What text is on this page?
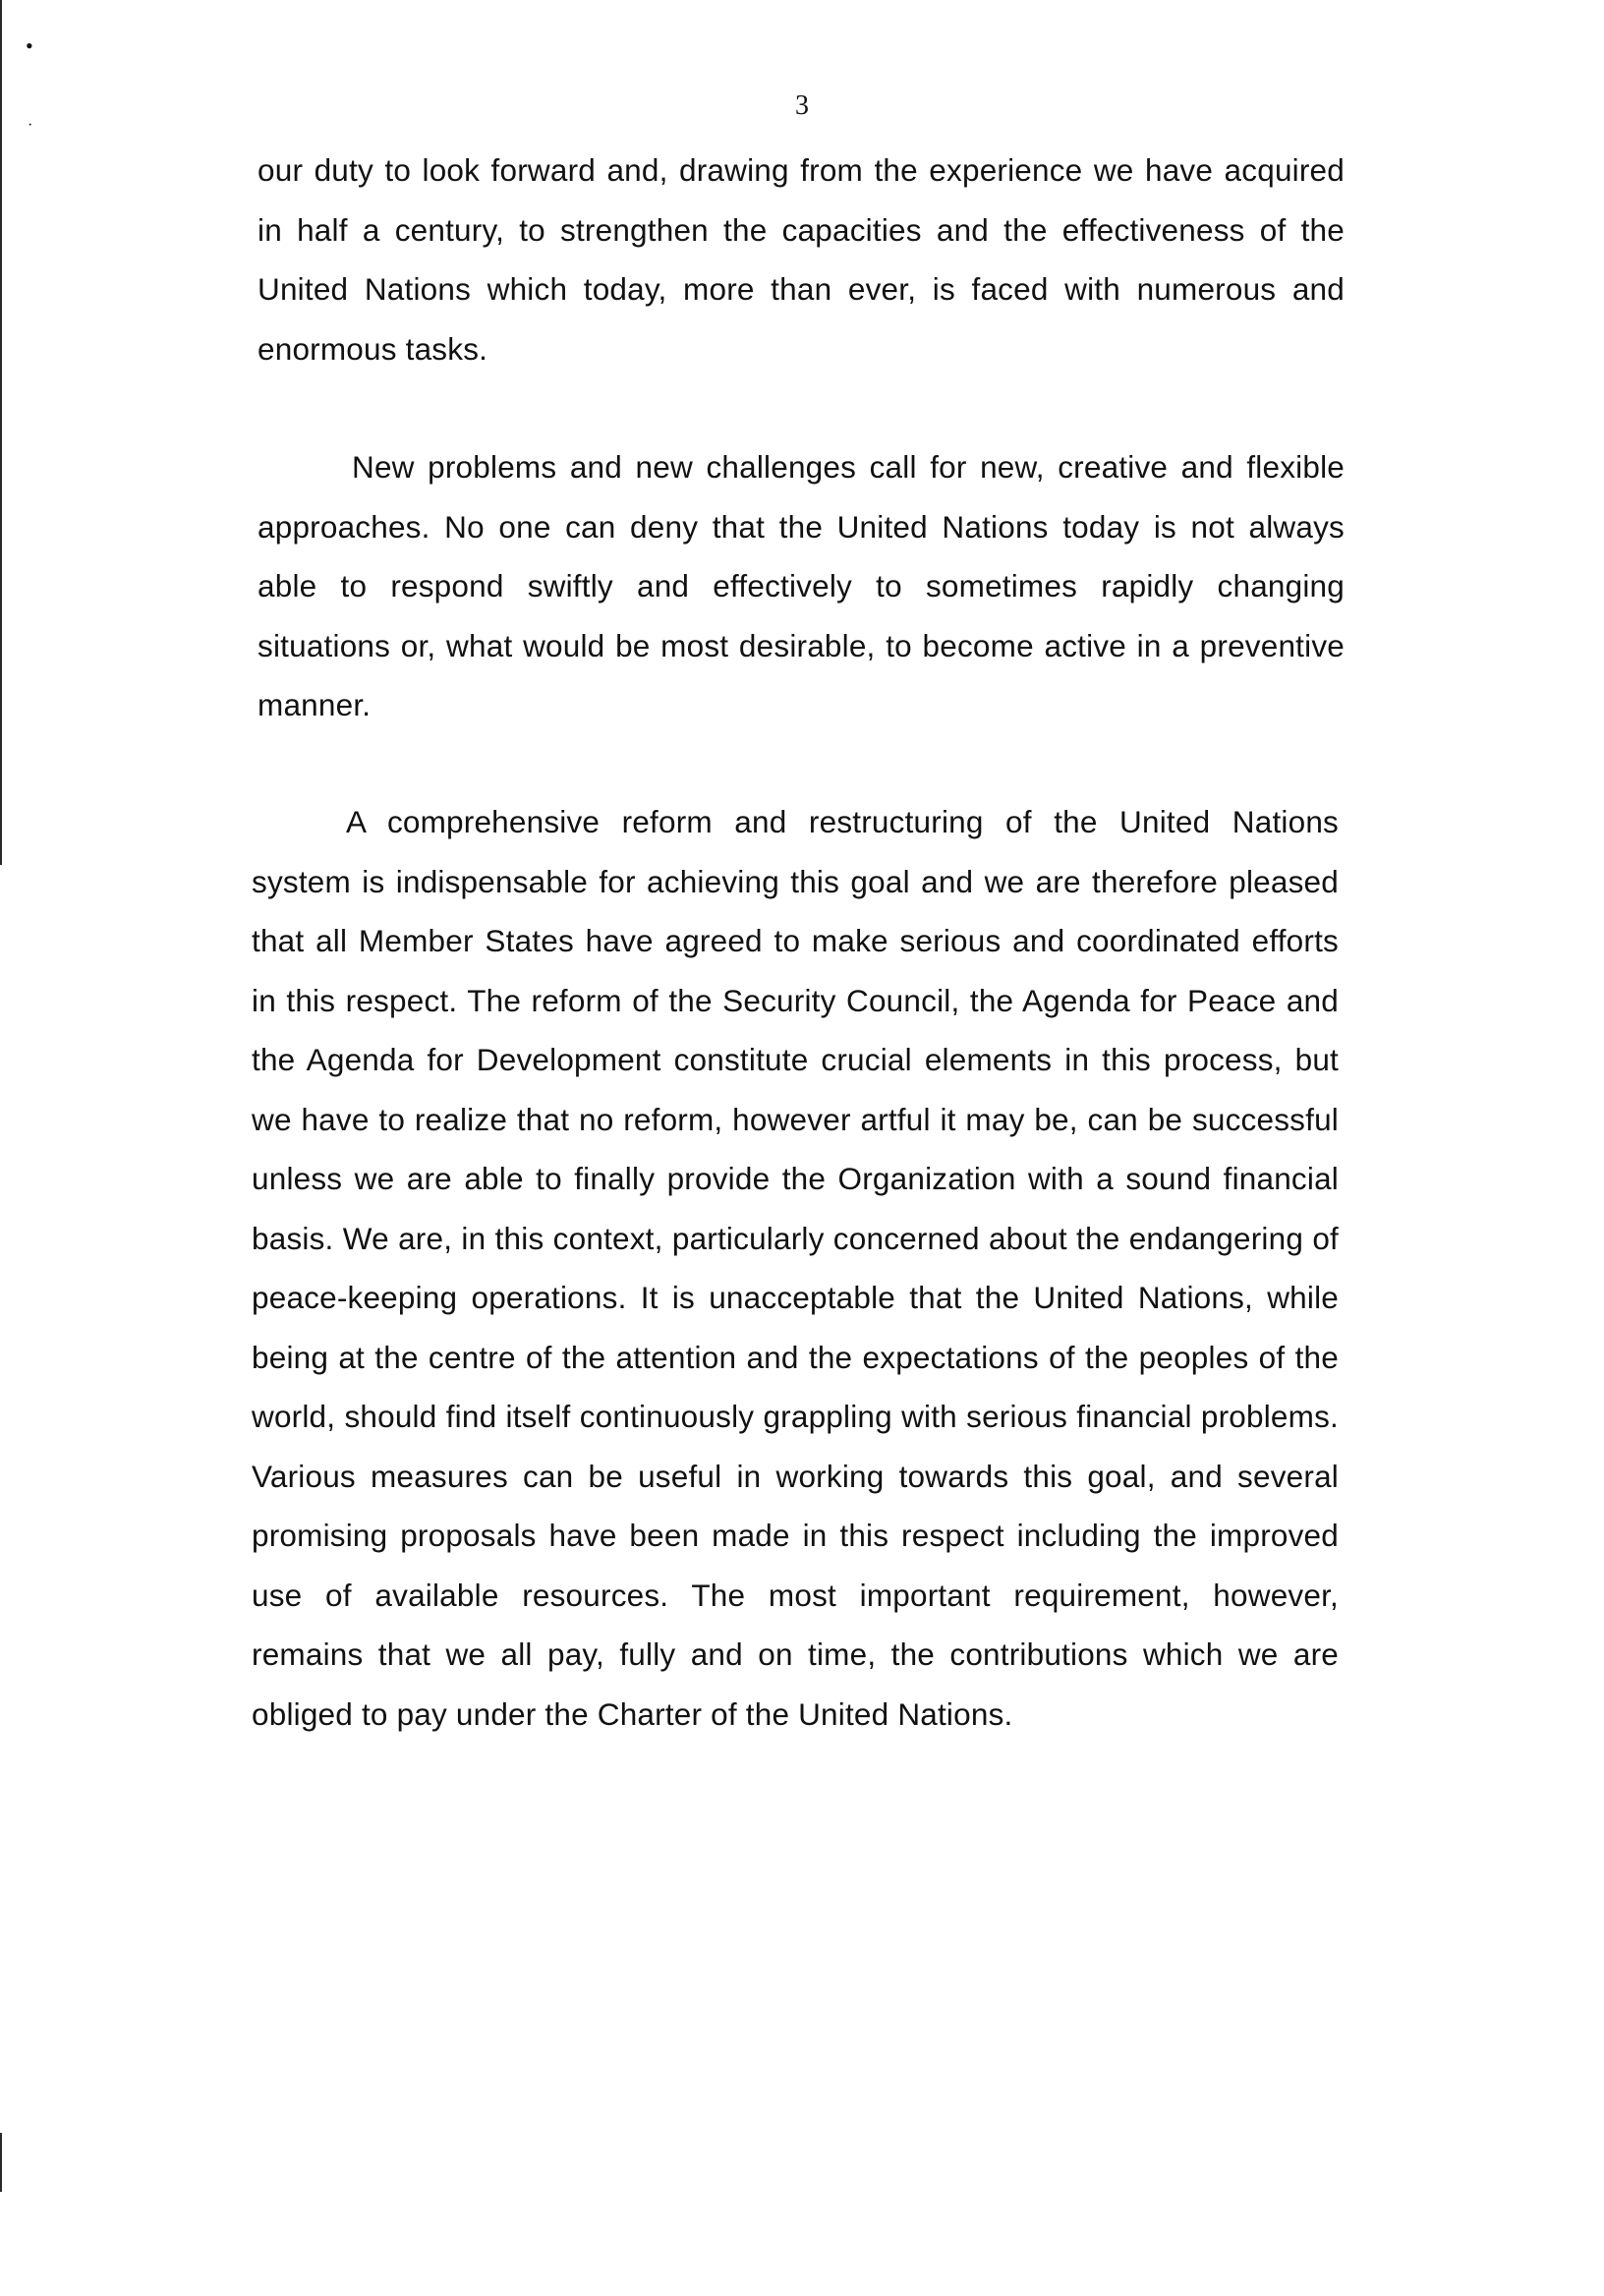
•
·
3

our duty to look forward and, drawing from the experience we have acquired in half a century, to strengthen the capacities and the effectiveness of the United Nations which today, more than ever, is faced with numerous and enormous tasks.

New problems and new challenges call for new, creative and flexible approaches. No one can deny that the United Nations today is not always able to respond swiftly and effectively to sometimes rapidly changing situations or, what would be most desirable, to become active in a preventive manner.

A comprehensive reform and restructuring of the United Nations system is indispensable for achieving this goal and we are therefore pleased that all Member States have agreed to make serious and coordinated efforts in this respect. The reform of the Security Council, the Agenda for Peace and the Agenda for Development constitute crucial elements in this process, but we have to realize that no reform, however artful it may be, can be successful unless we are able to finally provide the Organization with a sound financial basis. We are, in this context, particularly concerned about the endangering of peace-keeping operations. It is unacceptable that the United Nations, while being at the centre of the attention and the expectations of the peoples of the world, should find itself continuously grappling with serious financial problems. Various measures can be useful in working towards this goal, and several promising proposals have been made in this respect including the improved use of available resources. The most important requirement, however, remains that we all pay, fully and on time, the contributions which we are obliged to pay under the Charter of the United Nations.
